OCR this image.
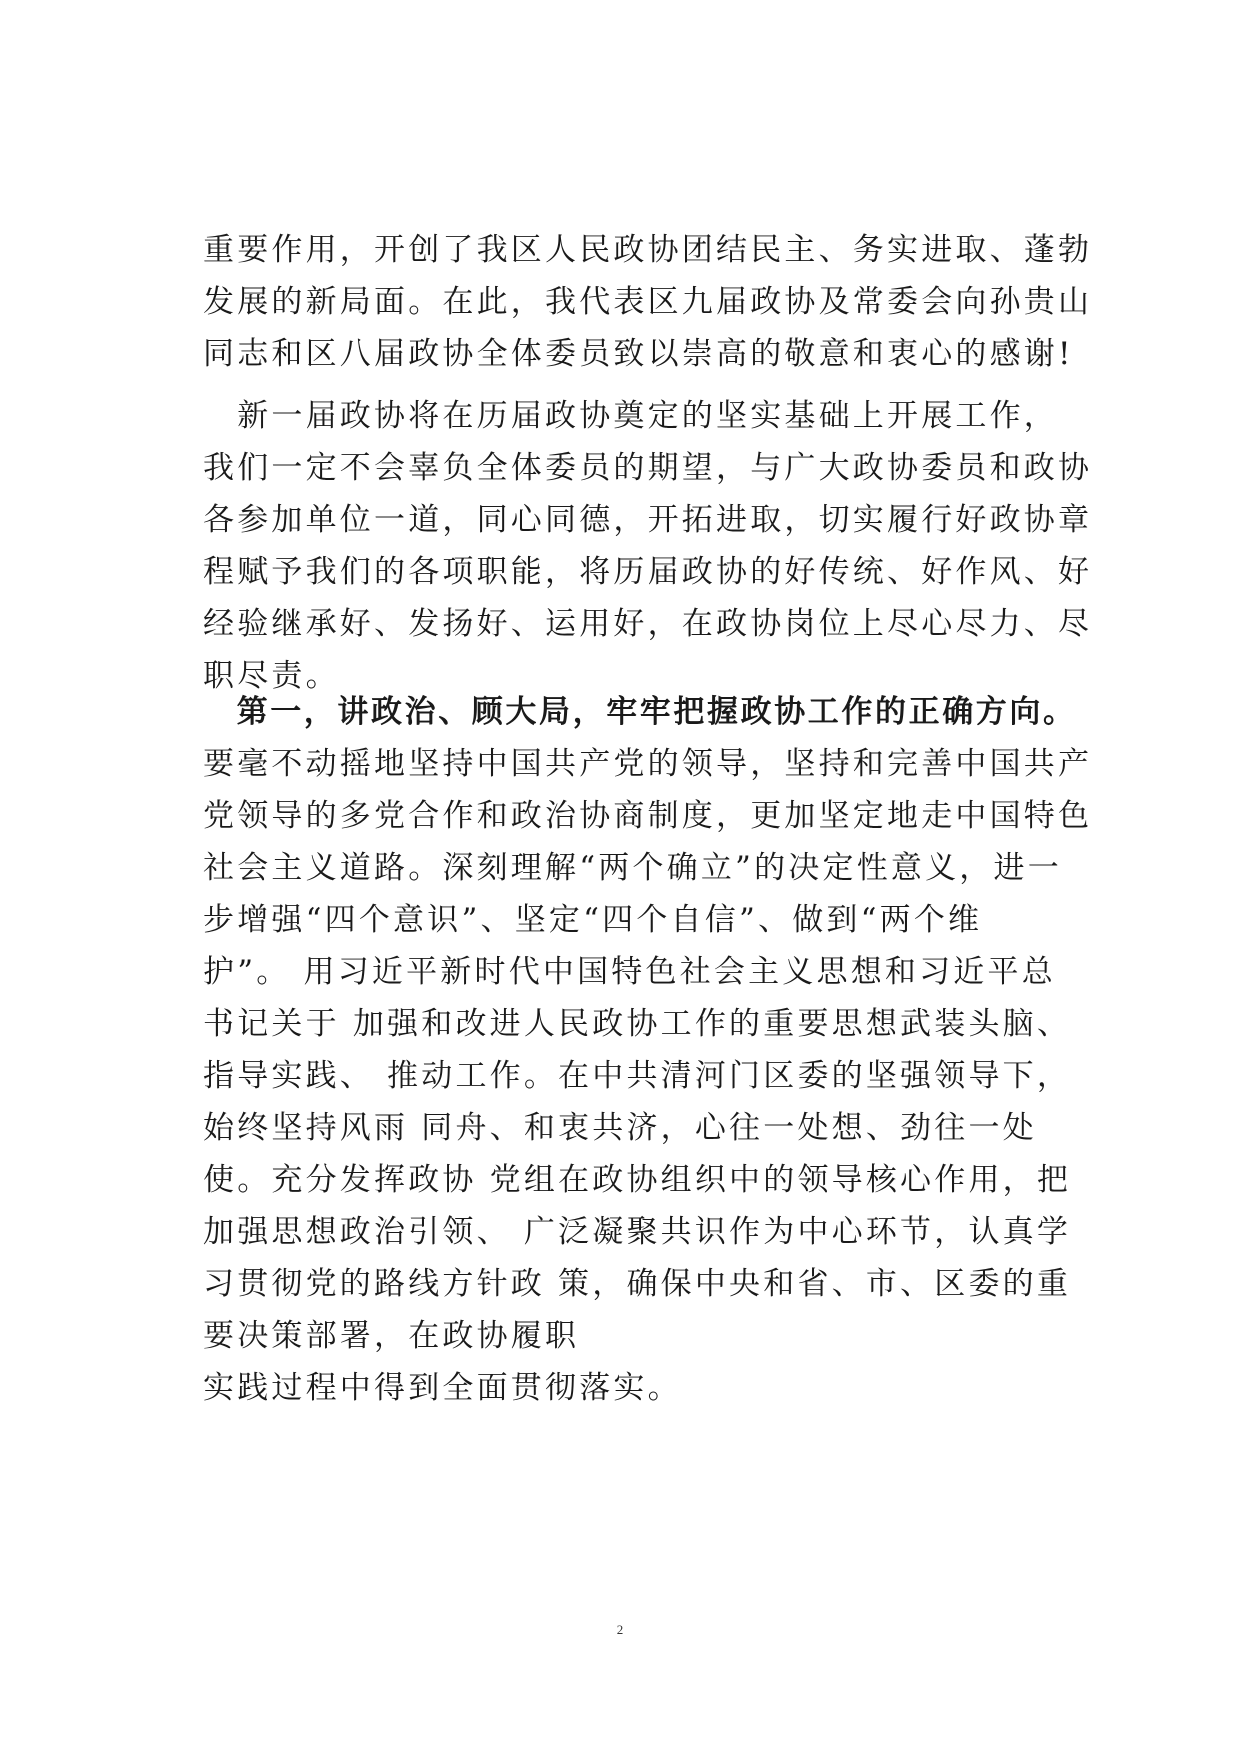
重要作用，开创了我区人民政协团结民主、务实进取、蓬勃
发展的新局面。在此，我代表区九届政协及常委会向孙贵山
同志和区八届政协全体委员致以崇高的敬意和衷心的感谢!
　新一届政协将在历届政协奠定的坚实基础上开展工作，
我们一定不会辜负全体委员的期望，与广大政协委员和政协
各参加单位一道，同心同德，开拓进取，切实履行好政协章
程赋予我们的各项职能，将历届政协的好传统、好作风、好
经验继承好、发扬好、运用好，在政协岗位上尽心尽力、尽
职尽责。
　第一，讲政治、顾大局，牢牢把握政协工作的正确方向。
要毫不动摇地坚持中国共产党的领导，坚持和完善中国共产
党领导的多党合作和政治协商制度，更加坚定地走中国特色
社会主义道路。深刻理解“两个确立”的决定性意义，进一
步增强“四个意识”、坚定“四个自信”、做到“两个维
护”。 用习近平新时代中国特色社会主义思想和习近平总
书记关于 加强和改进人民政协工作的重要思想武装头脑、
指导实践、 推动工作。在中共清河门区委的坚强领导下，
始终坚持风雨 同舟、和衷共济，心往一处想、劲往一处
使。充分发挥政协 党组在政协组织中的领导核心作用，把
加强思想政治引领、 广泛凝聚共识作为中心环节，认真学
习贯彻党的路线方针政 策，确保中央和省、市、区委的重
要决策部署，在政协履职
实践过程中得到全面贯彻落实。
2
